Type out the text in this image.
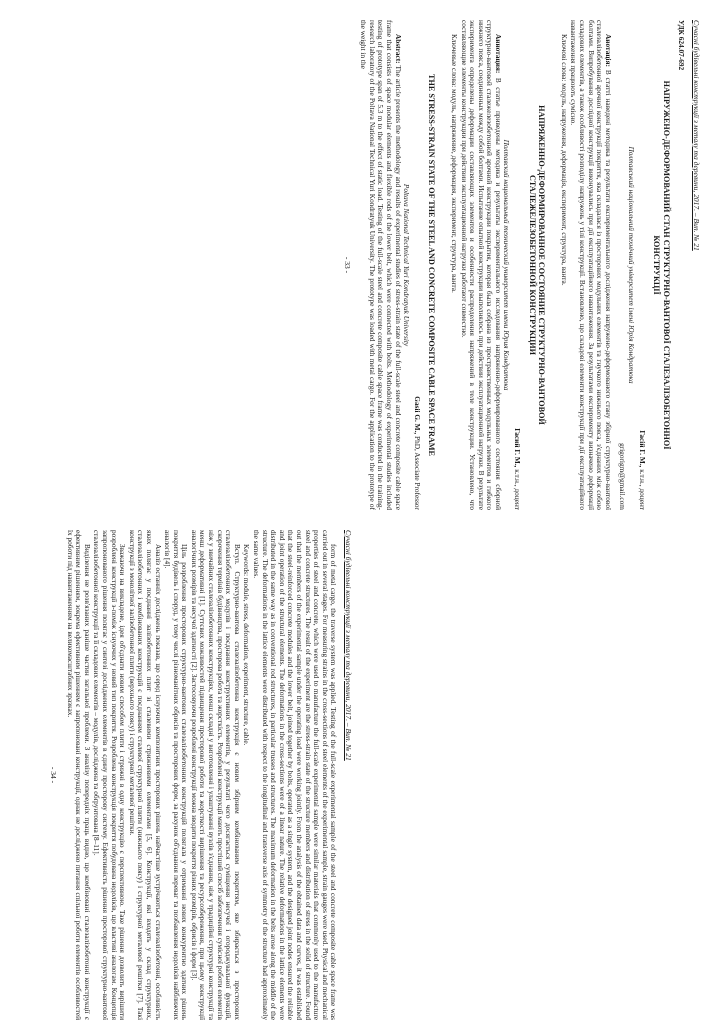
Сучасні будівельні конструкції з металу та деревини, 2017. – Вип. № 21

form of metal cargo, the traverse system was applied. Testing of the full-scale experimental sample of the steel and concrete composite cable space frame was carried out in several stages. For measuring strains in the cross-sections of steel elements of the experimental sample, strain gauges were used. Physical and mechanical properties of steel and concrete, which were used to manufacture the full-scale experimental sample were similar materials that commonly used to the manufacture steel and concrete structures. The result of the experiment are the stress-strain state of the structure members and distribution of stress in the solid of structure. Found out that the members of the experimental sample under the operating load were working jointly. From the analysis of the obtained data and curves, it was established that the steel-reinforced concrete modules and the lower belt, joined together by bolts, operated as a single system, and the designed joint nodes ensured the reliable and joint operation of the structural elements. The deformations in the cross-sections were of a linear nature. The relative deformations in the lattice elements were distributed in the same way as in conventional rod structures, in particular trusses and structures. The maximum deformation in the belts arose along the middle of the structure. The deformations in the lattice elements were distributed with respect to the longitudinal and transverse axis of symmetry of the structure had approximately the same values.

Keywords: module, stress, deformation, experiment, structure, cable.

Вступ. Структурно-вантова сталезалізобетонна конструкція є новим збірним комбінованим покриттям, яке збирається з просторових сталезалізобетонних модулів і поєднання конструктивних елементів, у результаті чого досягається суміщення несучої і огороджувальної функцій, скорочення термінів будівництва, просторова робота та жорсткість. Розроблені конструкції мають простіший спосіб забезпечення сумісної роботи елементів ніж у звичайних сталезалізобетонних конструкціях, менш складні у виготовленні і улаштуванні вузлів з'єднання, ніж у традиційні структурні конструкції та менш деформативні [1]. Суттєвих можливостей підвищення просторової роботи та жорсткості вирішення та ресурсозбереження, при цьому конструкції аналогічних розмірів та несучої здатності [2]. Застосовуючи розроблені конструкції можна зводити покриття різних розмірів, обрисів і форм [3].

Ціль розроблення просторових структурно-вантових сталезалізобетонних конструкцій полягала у отриманні нових конкурентно здатних рішень покриття будівель і споруд, у тому числі різноманітних обрисів та просторових форм, за рахунок об'єднання переваг та позбавлення недоліків найближчих аналогів [4].

Аналіз останніх досліджень показав, що серед існуючих композитних просторових рішень найчастіше зустрічаються сталезалізобетонні, особливість яких полягає у поєднанні залізобетонних плит зі сталевими стрижневими елементами [5, 6]. Конструкції, які входять у склад структурних, сталезалізобетонних і комбінованих конструкцій є поєднанням сталевої структурної плити (нижнього поясу) і структурної металевої решітки [7]. Такі конструкції з монолітної залізобетонної плити (верхнього поясу) і структурної металевої решітки.

Зважаючи на викладене, ідея об'єднати новим способом плити і стрижні в одну конструкцію є перспективною. Таке рішення дозволить вирішити розроблені конструкції з-поміж існуючих у новий тип покриття. Розроблена конструкція покриття побудована недоліків, що властиві аналогам. Концепція запропонованого рішення полягає у синтезі досліджених елементів в єдину просторову систему. Ефективність рішення просторової структурно-вантової сталезалізобетонної конструкції та її складових елементів – модулів, досліджена та обґрунтована [8–11].

Виділення не розв'язаних раніше частин загальної проблеми. З аналізу попередніх праць видно, що комбіновані сталезалізобетонні конструкції є ефективним рішенням, зокрема ефективним рішенням є запропоновані конструкції, однак не досліджено питання спільної роботи елементів особливостей їх роботи під навантаженням на великомасштабних зразках.

- 34 -
Сучасні будівельні конструкції з металу та деревини, 2017. – Вип. № 21
УДК 624.07-692
НАПРУЖЕНО-ДЕФОРМОВАНИЙ СТАН СТРУКТУРНО-ВАНТОВОЇ СТАЛЕЗАЛІЗОБЕТОННОЇ КОНСТРУКЦІЇ
Гасій Г. М., к.т.н., доцент
Полтавський національний технічний університет імені Юрія Кондратюка
grigorigm@gmail.com

Анотація: В статті наведені методика та результати експериментального дослідження напружено-деформованого стану збірної структурно-вантової сталезалізобетонної арочної конструкції покриття, яка складалася із просторових модульних елементів та гнучкого нижнього пояса, з'єднаних між собою болтами. Випробування дослідної конструкції виконувались при дії експлуатаційного навантаження. За результатами експерименту визначено деформації складових елементів, а також особливості розподілу напружень у тілі конструкції. Встановлено, що складові елементи конструкції при дії експлуатаційного навантаження працюють сумісно.

Ключові слова: модуль, напруження, деформація, експеримент, структура, ванта.

НАПРЯЖЕННО-ДЕФОРМИРОВАННОЕ СОСТОЯНИЕ СТРУКТУРНО-ВАНТОВОЙ СТАЛЕЖЕЛЕЗОБЕТОННОЙ КОНСТРУКЦИИ
Гасий Г. М., к.т.н., доцент
Полтавский национальный технический университет имени Юрия Кондратюка

Аннотация: В статье приведены методика и результаты экспериментального исследования напряженно-деформированного состояния сборной структурно-вантовой сталежелезобетонной арочной конструкции покрытия, которая была собрана из пространственных модульных элементов и гибкого нижнего пояса, соединенных между собой болтами. Испытание опытной конструкции выполнялось при действии эксплуатационной нагрузки. В результате эксперимента определены деформации составляющих элементов и особенности распределения напряжений в теле конструкции. Установлено, что составляющие элементы конструкции при действии эксплуатационной нагрузки работают совместно.

Ключевые слова: модуль, напряжение, деформация, эксперимент, структура, ванта.

THE STRESS-STRAIN STATE OF THE STEEL AND CONCRETE COMPOSITE CABLE SPACE FRAME
Gasii G. M., PhD, Associate Professor
Poltava National Technical Yuri Kondratyuk University

Abstract: The article presents the methodology and results of experimental studies of stress-strain state of the full-scale steel and concrete composite cable space frame that consists of space modular elements and flexible rods of the lower belt, which were connected with bolts. Methodology of experimental studies included testing of prototype span of 5.3 m to the effect of static load. Testing of the full-scale steel and concrete composite cable space frame was conducted in the training-research laboratory of the Poltava National Technical Yuri Kondratyuk University. The prototype was loaded with metal cargo. For the application to the prototype of the weight in the

- 33 -
